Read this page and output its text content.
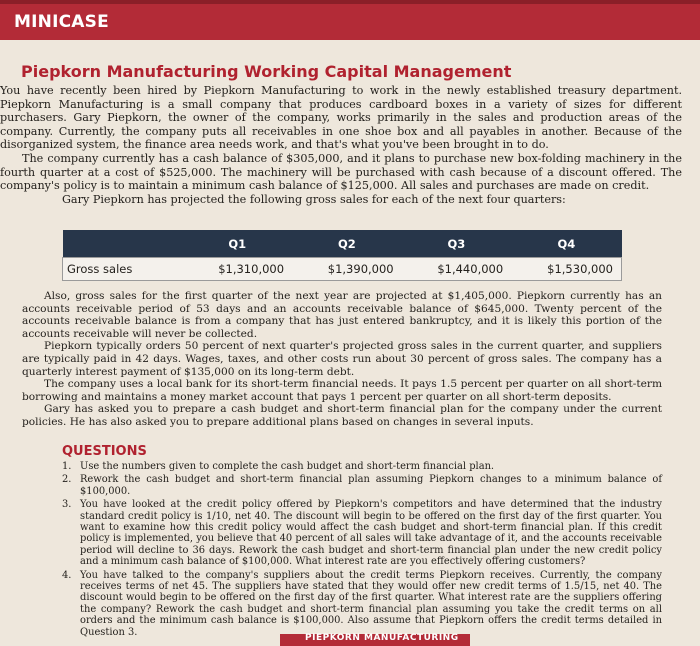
MINICASE
Piepkorn Manufacturing Working Capital Management

You have recently been hired by Piepkorn Manufacturing to work in the newly established treasury department. Piepkorn Manufacturing is a small company that produces cardboard boxes in a variety of sizes for different purchasers. Gary Piepkorn, the owner of the company, works primarily in the sales and production areas of the company. Currently, the company puts all receivables in one shoe box and all payables in another. Because of the disorganized system, the finance area needs work, and that's what you've been brought in to do.

The company currently has a cash balance of $305,000, and it plans to purchase new box-folding machinery in the fourth quarter at a cost of $525,000. The machinery will be purchased with cash because of a discount offered. The company's policy is to maintain a minimum cash balance of $125,000. All sales and purchases are made on credit.

Gary Piepkorn has projected the following gross sales for each of the next four quarters:

	Q1	Q2	Q3	Q4
Gross sales	$1,310,000	$1,390,000	$1,440,000	$1,530,000

Also, gross sales for the first quarter of the next year are projected at $1,405,000. Piepkorn currently has an accounts receivable period of 53 days and an accounts receivable balance of $645,000. Twenty percent of the accounts receivable balance is from a company that has just entered bankruptcy, and it is likely this portion of the accounts receivable will never be collected.

Piepkorn typically orders 50 percent of next quarter's projected gross sales in the current quarter, and suppliers are typically paid in 42 days. Wages, taxes, and other costs run about 30 percent of gross sales. The company has a quarterly interest payment of $135,000 on its long-term debt.

The company uses a local bank for its short-term financial needs. It pays 1.5 percent per quarter on all short-term borrowing and maintains a money market account that pays 1 percent per quarter on all short-term deposits.

Gary has asked you to prepare a cash budget and short-term financial plan for the company under the current policies. He has also asked you to prepare additional plans based on changes in several inputs.

QUESTIONS
1. Use the numbers given to complete the cash budget and short-term financial plan.
2. Rework the cash budget and short-term financial plan assuming Piepkorn changes to a minimum balance of $100,000.
3. You have looked at the credit policy offered by Piepkorn's competitors and have determined that the industry standard credit policy is 1/10, net 40. The discount will begin to be offered on the first day of the first quarter. You want to examine how this credit policy would affect the cash budget and short-term financial plan. If this credit policy is implemented, you believe that 40 percent of all sales will take advantage of it, and the accounts receivable period will decline to 36 days. Rework the cash budget and short-term financial plan under the new credit policy and a minimum cash balance of $100,000. What interest rate are you effectively offering customers?
4. You have talked to the company's suppliers about the credit terms Piepkorn receives. Currently, the company receives terms of net 45. The suppliers have stated that they would offer new credit terms of 1.5/15, net 40. The discount would begin to be offered on the first day of the first quarter. What interest rate are the suppliers offering the company? Rework the cash budget and short-term financial plan assuming you take the credit terms on all orders and the minimum cash balance is $100,000. Also assume that Piepkorn offers the credit terms detailed in Question 3.
PIEPKORN MANUFACTURING
